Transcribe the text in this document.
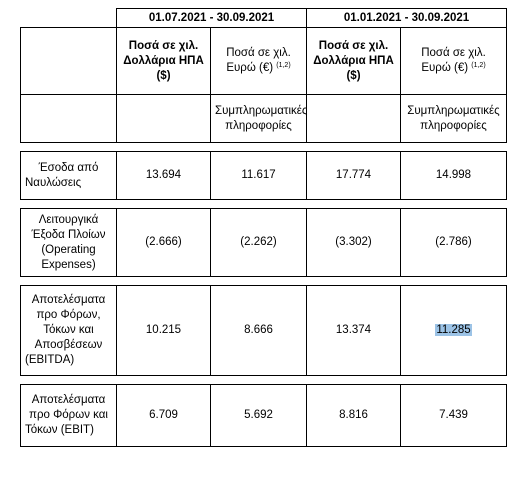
	01.07.2021 - 30.09.2021		01.01.2021 - 30.09.2021	
	Ποσά σε χιλ. Δολλάρια ΗΠΑ ($)	Ποσά σε χιλ. Ευρώ (€) $^{(1,2)}$	Ποσά σε χιλ. Δολλάρια ΗΠΑ ($)	Ποσά σε χιλ. Ευρώ (€) $^{(1,2)}$
		Συμπληρωματικές πληροφορίες		Συμπληρωματικές πληροφορίες

Έσοδα από Ναυλώσεις	13.694	11.617	17.774	14.998

Λειτουργικά Έξοδα Πλοίων (Operating Expenses)	(2.666)	(2.262)	(3.302)	(2.786)

Αποτελέσματα προ Φόρων, Τόκων και Αποσβέσεων (EBITDA)	10.215	8.666	13.374	11.285

Αποτελέσματα προ Φόρων και Τόκων (EBIT)	6.709	5.692	8.816	7.439
